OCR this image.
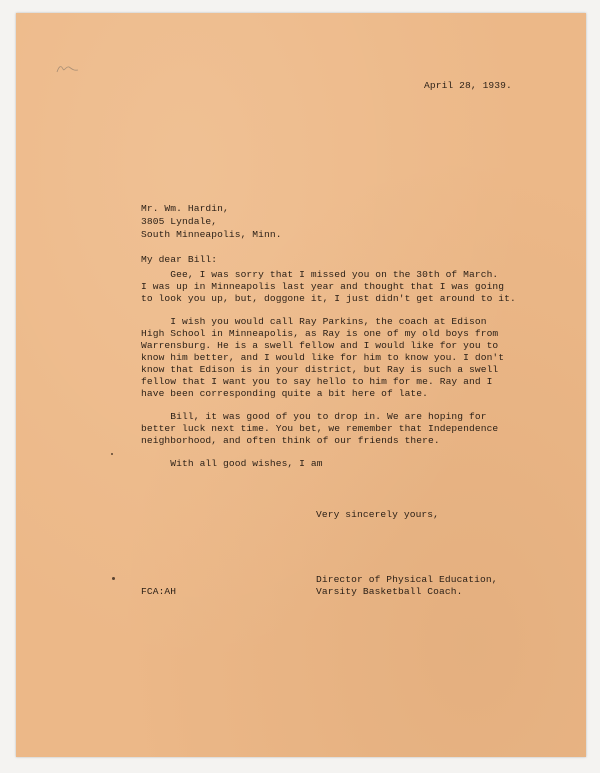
April 28, 1939.
Mr. Wm. Hardin,
3805 Lyndale,
South Minneapolis, Minn.
My dear Bill:
Gee, I was sorry that I missed you on the 30th of March.
I was up in Minneapolis last year and thought that I was going
to look you up, but, doggone it, I just didn't get around to it.
I wish you would call Ray Parkins, the coach at Edison
High School in Minneapolis, as Ray is one of my old boys from
Warrensburg. He is a swell fellow and I would like for you to
know him better, and I would like for him to know you. I don't
know that Edison is in your district, but Ray is such a swell
fellow that I want you to say hello to him for me. Ray and I
have been corresponding quite a bit here of late.
Bill, it was good of you to drop in. We are hoping for
better luck next time. You bet, we remember that Independence
neighborhood, and often think of our friends there.
With all good wishes, I am
Very sincerely yours,
Director of Physical Education,
Varsity Basketball Coach.
FCA:AH
